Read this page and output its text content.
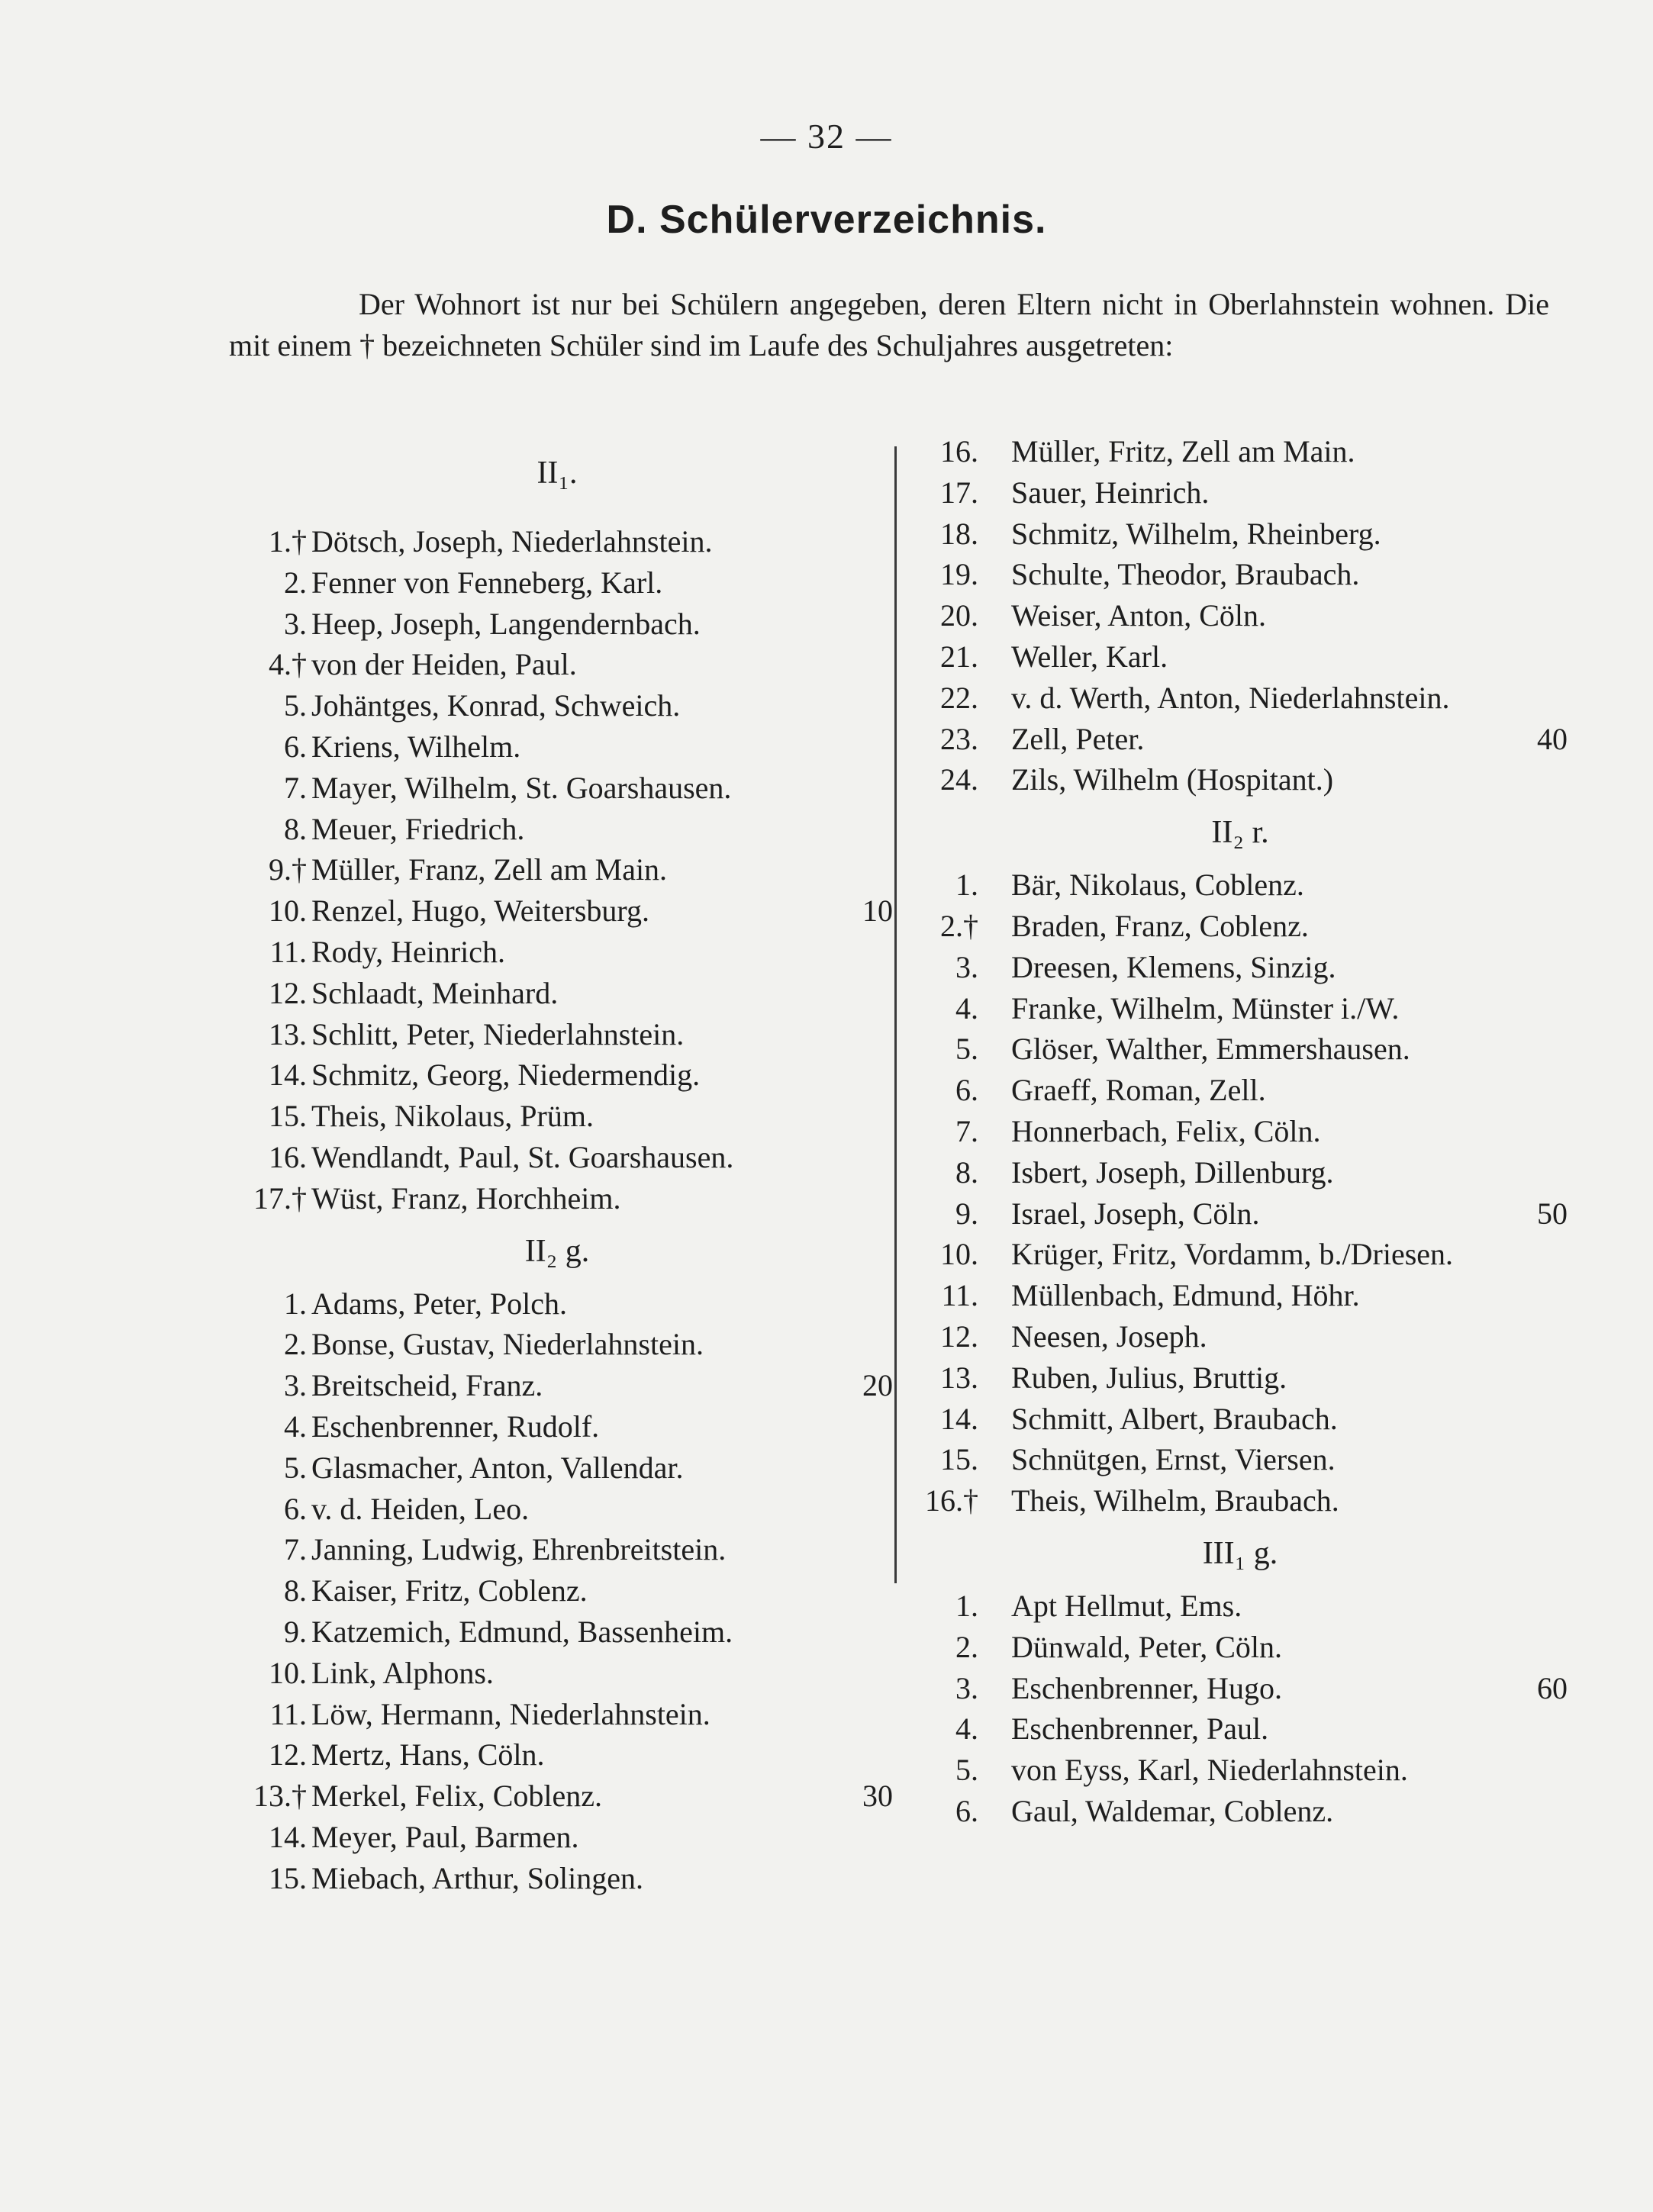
— 32 —
D. Schülerverzeichnis.

Der Wohnort ist nur bei Schülern angegeben, deren Eltern nicht in Oberlahnstein wohnen. Die mit einem † bezeichneten Schüler sind im Laufe des Schuljahres ausgetreten:

II₁.
1.† Dötsch, Joseph, Niederlahnstein.
2. Fenner von Fenneberg, Karl.
3. Heep, Joseph, Langendernbach.
4.† von der Heiden, Paul.
5. Johäntges, Konrad, Schweich.
6. Kriens, Wilhelm.
7. Mayer, Wilhelm, St. Goarshausen.
8. Meuer, Friedrich.
9.† Müller, Franz, Zell am Main.
10. Renzel, Hugo, Weitersburg.	10
11. Rody, Heinrich.
12. Schlaadt, Meinhard.
13. Schlitt, Peter, Niederlahnstein.
14. Schmitz, Georg, Niedermendig.
15. Theis, Nikolaus, Prüm.
16. Wendlandt, Paul, St. Goarshausen.
17.† Wüst, Franz, Horchheim.
II₂ g.
1. Adams, Peter, Polch.
2. Bonse, Gustav, Niederlahnstein.
3. Breitscheid, Franz.	20
4. Eschenbrenner, Rudolf.
5. Glasmacher, Anton, Vallendar.
6. v. d. Heiden, Leo.
7. Janning, Ludwig, Ehrenbreitstein.
8. Kaiser, Fritz, Coblenz.
9. Katzemich, Edmund, Bassenheim.
10. Link, Alphons.
11. Löw, Hermann, Niederlahnstein.
12. Mertz, Hans, Cöln.
13.† Merkel, Felix, Coblenz.	30
14. Meyer, Paul, Barmen.
15. Miebach, Arthur, Solingen.
16. Müller, Fritz, Zell am Main.
17. Sauer, Heinrich.
18. Schmitz, Wilhelm, Rheinberg.
19. Schulte, Theodor, Braubach.
20. Weiser, Anton, Cöln.
21. Weller, Karl.
22. v. d. Werth, Anton, Niederlahnstein.
23. Zell, Peter.	40
24. Zils, Wilhelm (Hospitant.)
II₂ r.
1. Bär, Nikolaus, Coblenz.
2.† Braden, Franz, Coblenz.
3. Dreesen, Klemens, Sinzig.
4. Franke, Wilhelm, Münster i./W.
5. Glöser, Walther, Emmershausen.
6. Graeff, Roman, Zell.
7. Honnerbach, Felix, Cöln.
8. Isbert, Joseph, Dillenburg.
9. Israel, Joseph, Cöln.	50
10. Krüger, Fritz, Vordamm, b./Driesen.
11. Müllenbach, Edmund, Höhr.
12. Neesen, Joseph.
13. Ruben, Julius, Bruttig.
14. Schmitt, Albert, Braubach.
15. Schnütgen, Ernst, Viersen.
16.† Theis, Wilhelm, Braubach.
III₁ g.
1. Apt Hellmut, Ems.
2. Dünwald, Peter, Cöln.
3. Eschenbrenner, Hugo.	60
4. Eschenbrenner, Paul.
5. von Eyss, Karl, Niederlahnstein.
6. Gaul, Waldemar, Coblenz.
